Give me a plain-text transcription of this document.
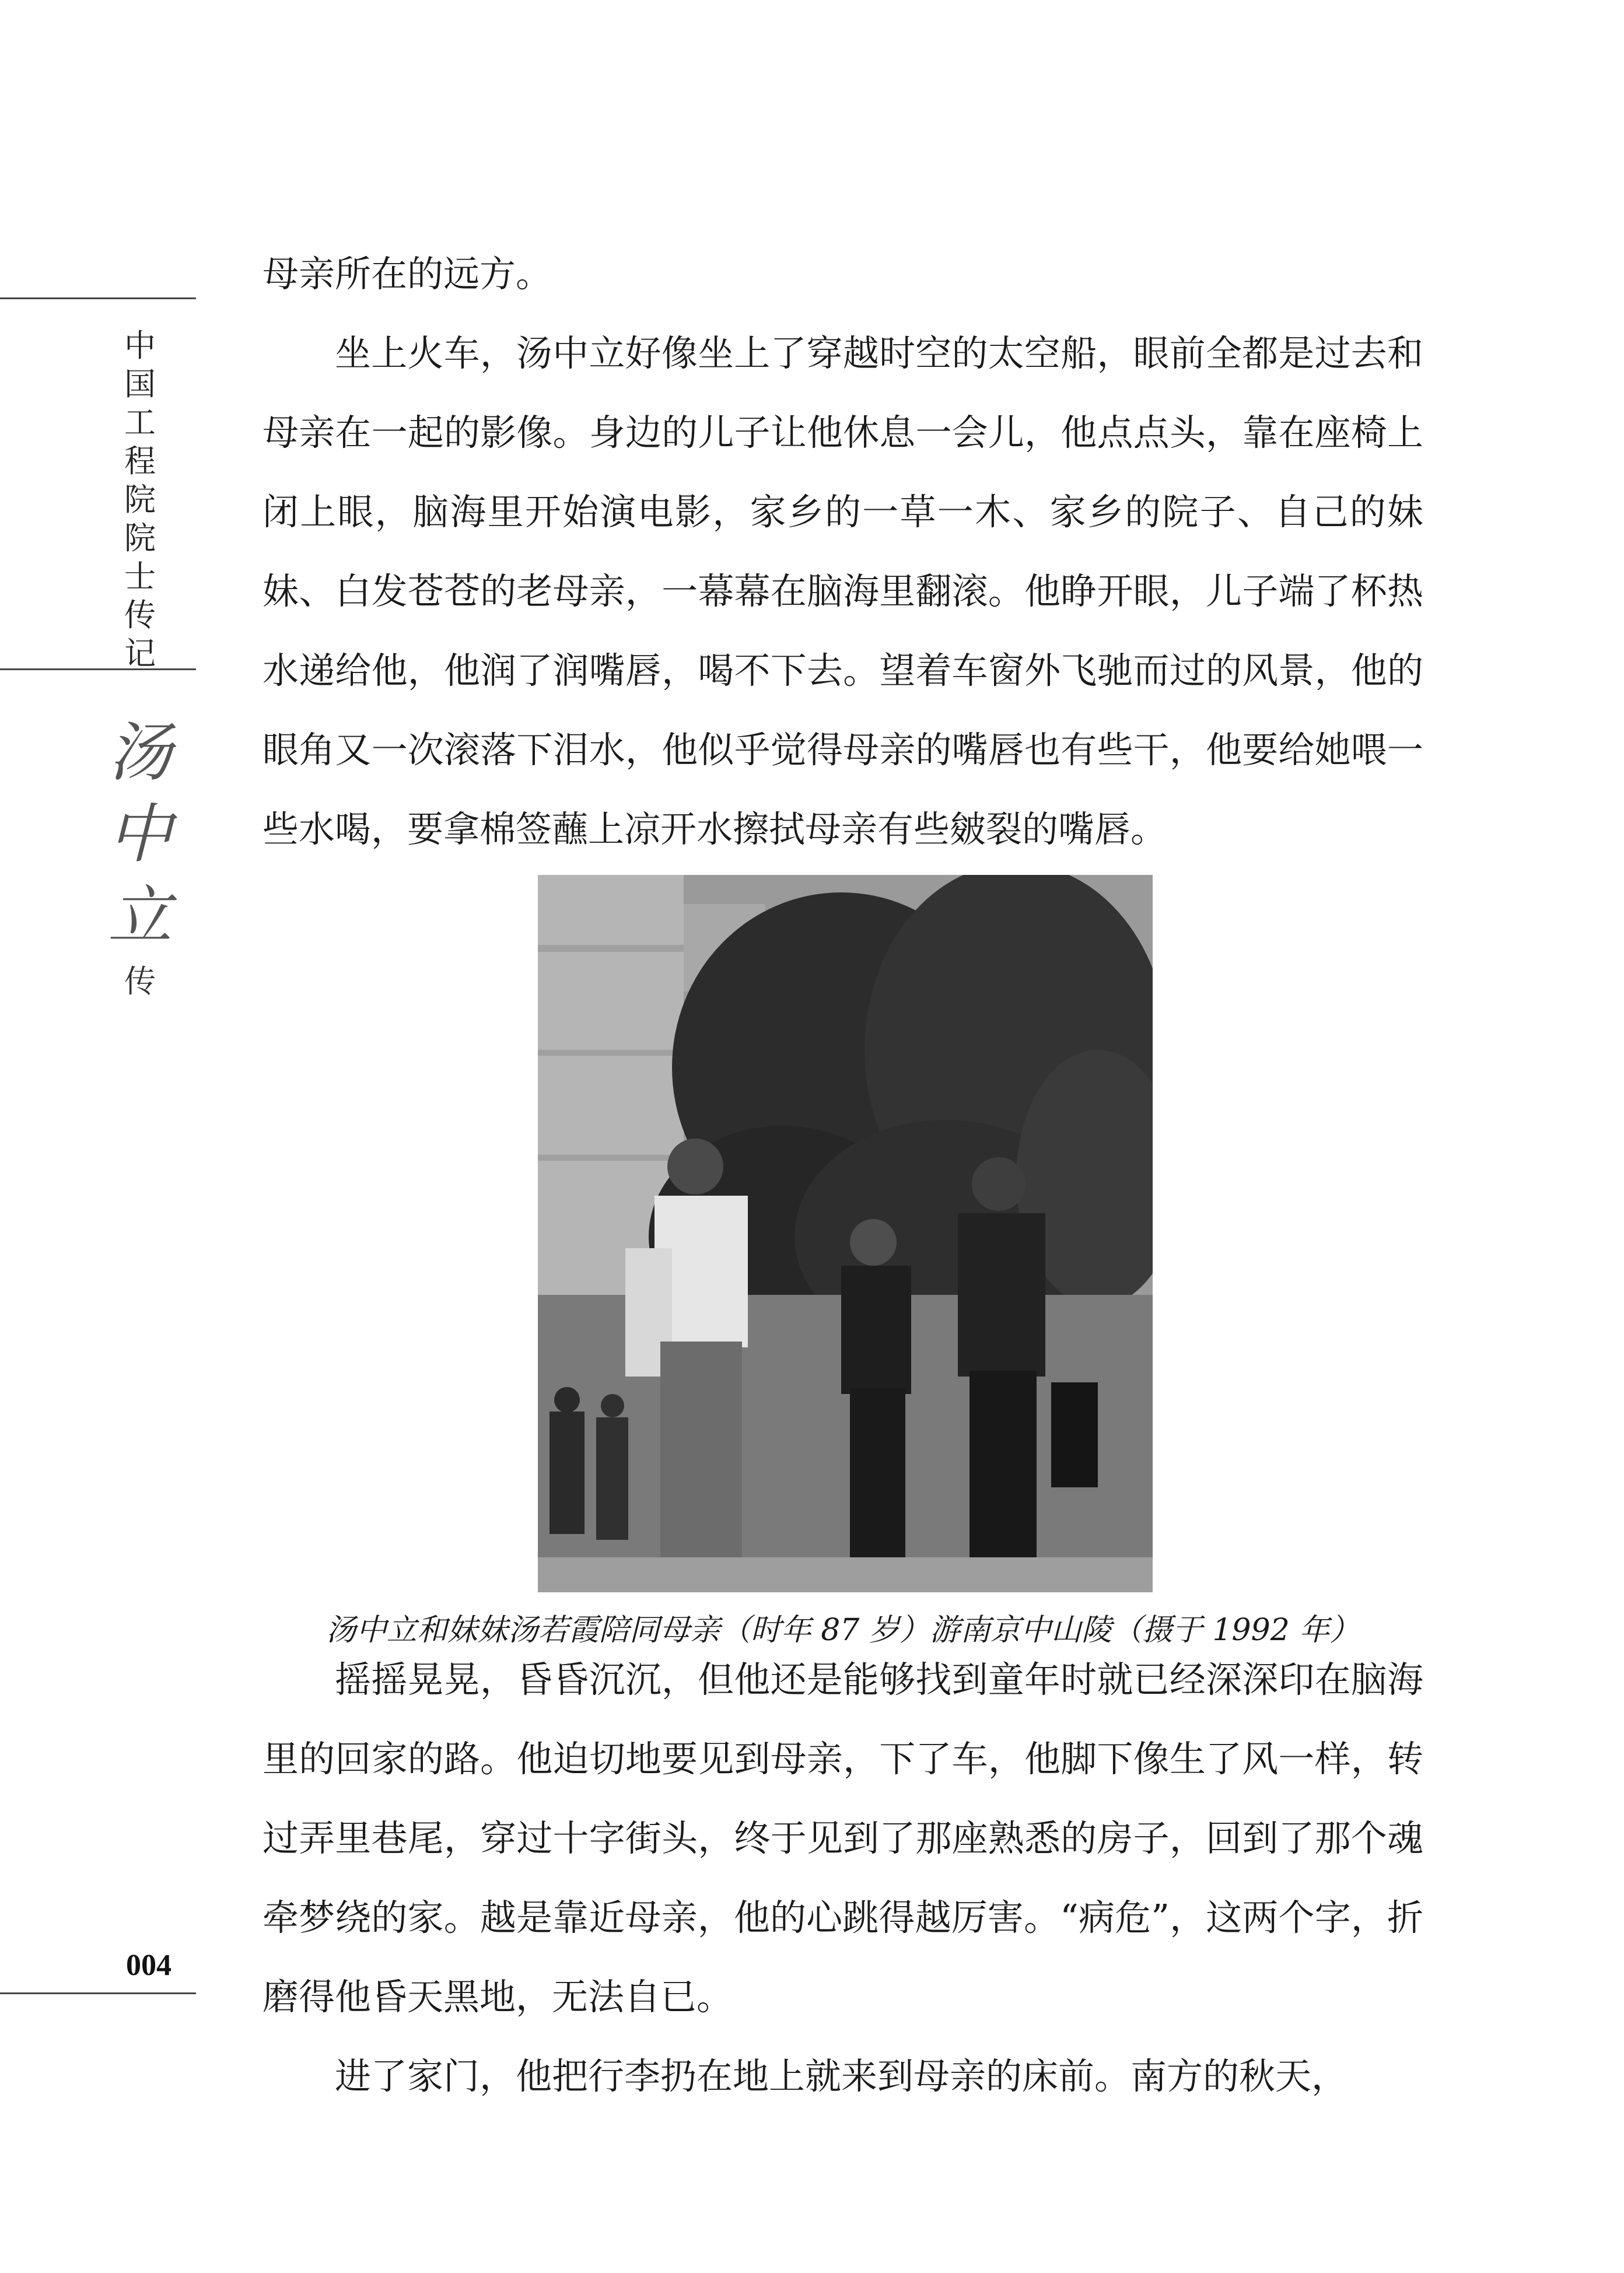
中
国
工
程
院
院
士
传
记
汤
中
立
传
004

母亲所在的远方。

坐上火车，汤中立好像坐上了穿越时空的太空船，眼前全都是过去和母亲在一起的影像。身边的儿子让他休息一会儿，他点点头，靠在座椅上闭上眼，脑海里开始演电影，家乡的一草一木、家乡的院子、自己的妹妹、白发苍苍的老母亲，一幕幕在脑海里翻滚。他睁开眼，儿子端了杯热水递给他，他润了润嘴唇，喝不下去。望着车窗外飞驰而过的风景，他的眼角又一次滚落下泪水，他似乎觉得母亲的嘴唇也有些干，他要给她喂一些水喝，要拿棉签蘸上凉开水擦拭母亲有些皴裂的嘴唇。

汤中立和妹妹汤若霞陪同母亲（时年 87 岁）游南京中山陵（摄于 1992 年）

摇摇晃晃，昏昏沉沉，但他还是能够找到童年时就已经深深印在脑海里的回家的路。他迫切地要见到母亲，下了车，他脚下像生了风一样，转过弄里巷尾，穿过十字街头，终于见到了那座熟悉的房子，回到了那个魂牵梦绕的家。越是靠近母亲，他的心跳得越厉害。“病危”，这两个字，折磨得他昏天黑地，无法自已。

进了家门，他把行李扔在地上就来到母亲的床前。南方的秋天，
